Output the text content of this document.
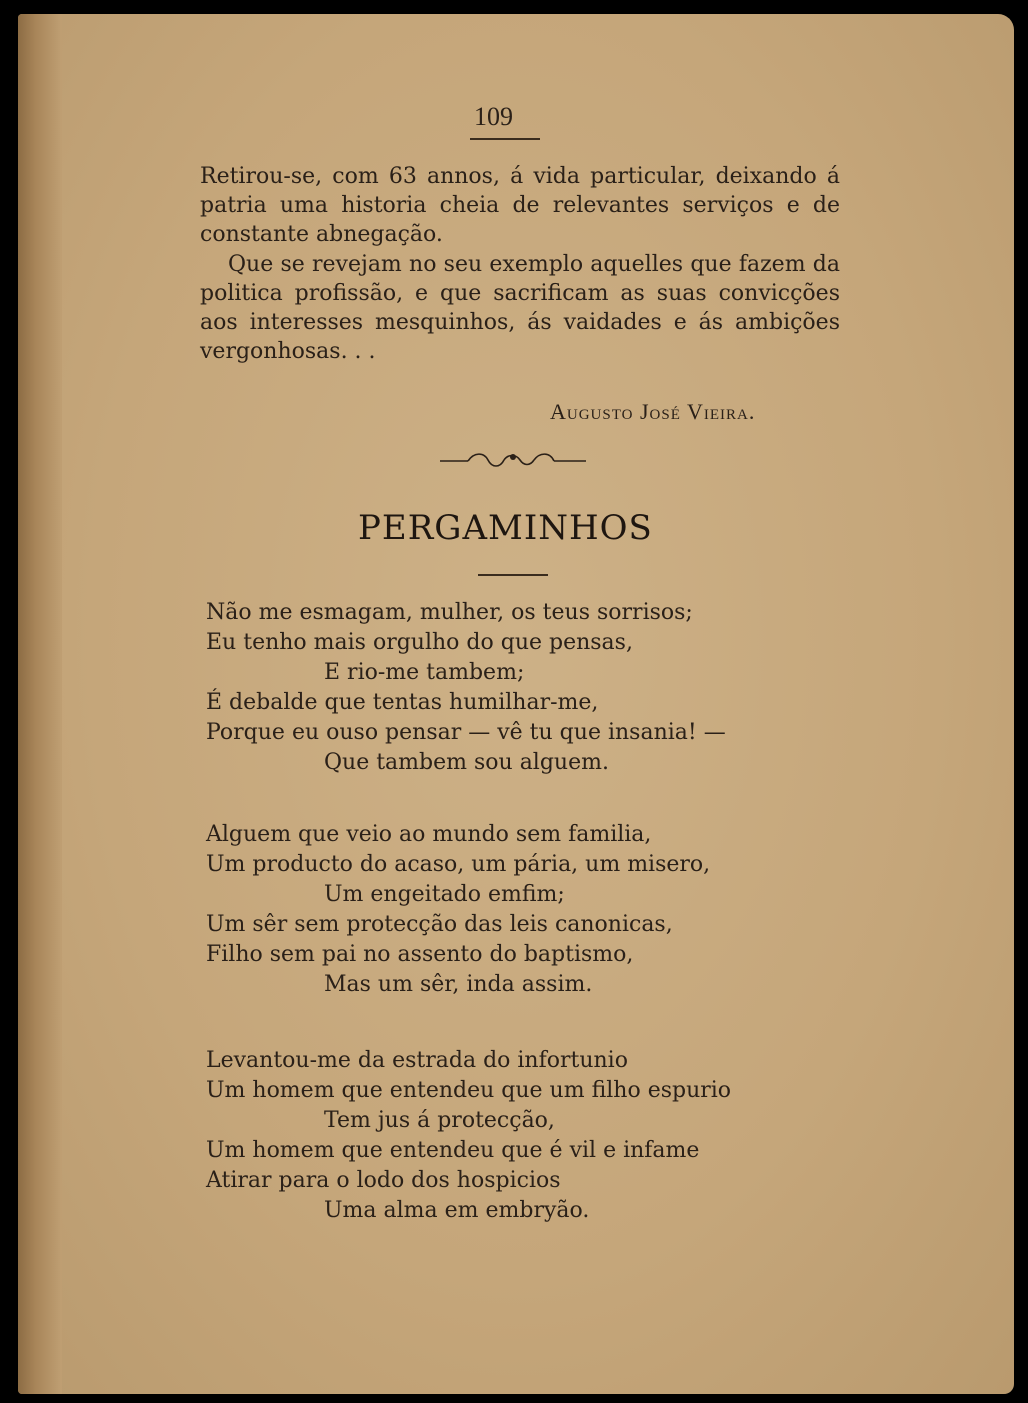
109

Retirou-se, com 63 annos, á vida particular, deixando á patria uma historia cheia de relevantes serviços e de constante abnegação.

Que se revejam no seu exemplo aquelles que fazem da politica profissão, e que sacrificam as suas convicções aos interesses mesquinhos, ás vaidades e ás ambições vergonhosas. . .

Augusto José Vieira.
PERGAMINHOS
Não me esmagam, mulher, os teus sorrisos;
Eu tenho mais orgulho do que pensas,
E rio-me tambem;
É debalde que tentas humilhar-me,
Porque eu ouso pensar — vê tu que insania! —
Que tambem sou alguem.
Alguem que veio ao mundo sem familia,
Um producto do acaso, um pária, um misero,
Um engeitado emfim;
Um sêr sem protecção das leis canonicas,
Filho sem pai no assento do baptismo,
Mas um sêr, inda assim.
Levantou-me da estrada do infortunio
Um homem que entendeu que um filho espurio
Tem jus á protecção,
Um homem que entendeu que é vil e infame
Atirar para o lodo dos hospicios
Uma alma em embryão.
